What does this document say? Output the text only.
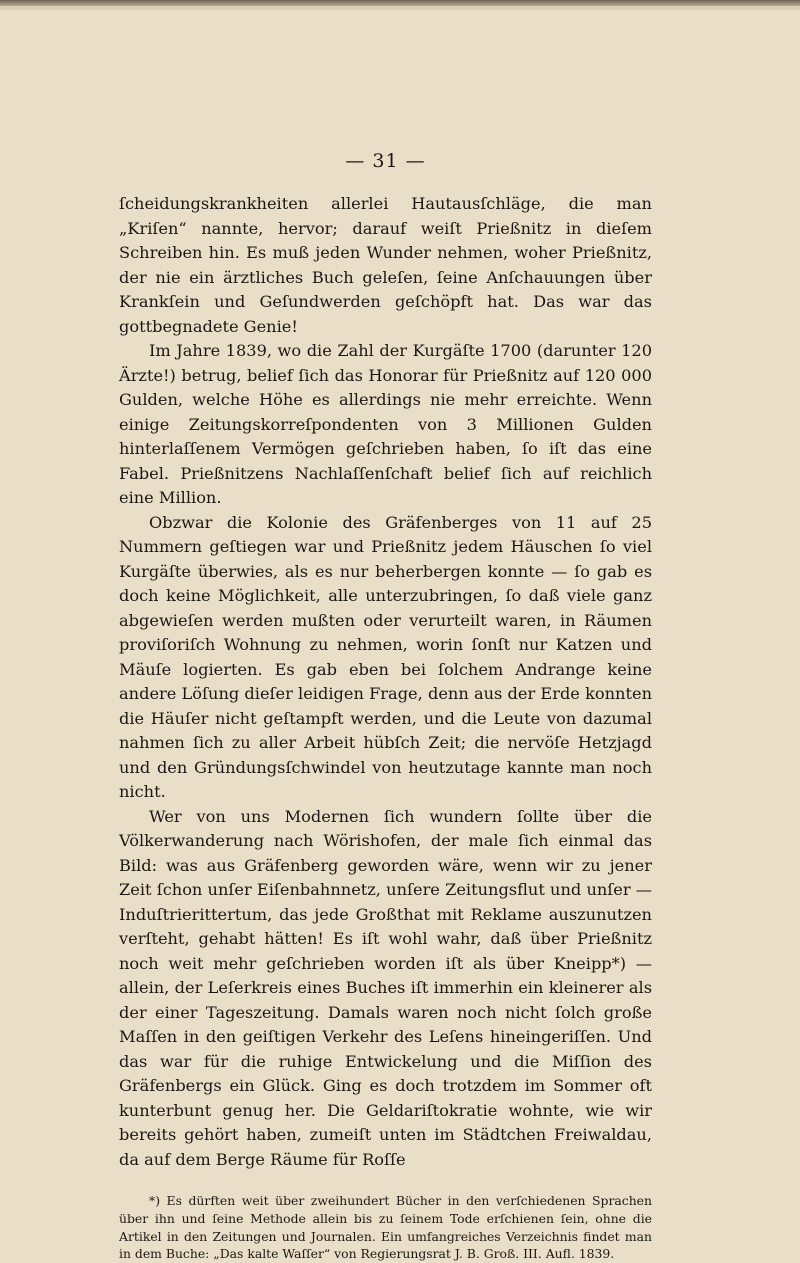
— 31 —

ſcheidungskrankheiten allerlei Hautausſchläge, die man „Kriſen“ nannte, hervor; darauf weiſt Prießnitz in dieſem Schreiben hin. Es muß jeden Wunder nehmen, woher Prießnitz, der nie ein ärztliches Buch geleſen, ſeine Anſchauungen über Krankſein und Geſundwerden geſchöpft hat. Das war das gottbegnadete Genie!

Im Jahre 1839, wo die Zahl der Kurgäſte 1700 (darunter 120 Ärzte!) betrug, belief ſich das Honorar für Prießnitz auf 120 000 Gulden, welche Höhe es allerdings nie mehr erreichte. Wenn einige Zeitungskorreſpondenten von 3 Millionen Gulden hinterlaſſenem Vermögen geſchrieben haben, ſo iſt das eine Fabel. Prießnitzens Nachlaſſenſchaft belief ſich auf reichlich eine Million.

Obzwar die Kolonie des Gräfenberges von 11 auf 25 Nummern geſtiegen war und Prießnitz jedem Häuschen ſo viel Kurgäſte überwies, als es nur beherbergen konnte — ſo gab es doch keine Möglichkeit, alle unterzubringen, ſo daß viele ganz abgewieſen werden mußten oder verurteilt waren, in Räumen proviſoriſch Wohnung zu nehmen, worin ſonſt nur Katzen und Mäuſe logierten. Es gab eben bei ſolchem Andrange keine andere Löſung dieſer leidigen Frage, denn aus der Erde konnten die Häuſer nicht geſtampft werden, und die Leute von dazumal nahmen ſich zu aller Arbeit hübſch Zeit; die nervöſe Hetzjagd und den Gründungsſchwindel von heutzutage kannte man noch nicht.

Wer von uns Modernen ſich wundern ſollte über die Völkerwanderung nach Wörishofen, der male ſich einmal das Bild: was aus Gräfenberg geworden wäre, wenn wir zu jener Zeit ſchon unſer Eiſenbahnnetz, unſere Zeitungsflut und unſer — Induſtrierittertum, das jede Großthat mit Reklame auszunutzen verſteht, gehabt hätten! Es iſt wohl wahr, daß über Prießnitz noch weit mehr geſchrieben worden iſt als über Kneipp*) — allein, der Leſerkreis eines Buches iſt immerhin ein kleinerer als der einer Tageszeitung. Damals waren noch nicht ſolch große Maſſen in den geiſtigen Verkehr des Leſens hineingeriſſen. Und das war für die ruhige Entwickelung und die Miſſion des Gräfenbergs ein Glück. Ging es doch trotzdem im Sommer oft kunterbunt genug her. Die Geldariſtokratie wohnte, wie wir bereits gehört haben, zumeiſt unten im Städtchen Freiwaldau, da auf dem Berge Räume für Roſſe

*) Es dürften weit über zweihundert Bücher in den verſchiedenen Sprachen über ihn und ſeine Methode allein bis zu ſeinem Tode erſchienen ſein, ohne die Artikel in den Zeitungen und Journalen. Ein umfangreiches Verzeichnis findet man in dem Buche: „Das kalte Waſſer“ von Regierungsrat J. B. Groß. III. Aufl. 1839.
